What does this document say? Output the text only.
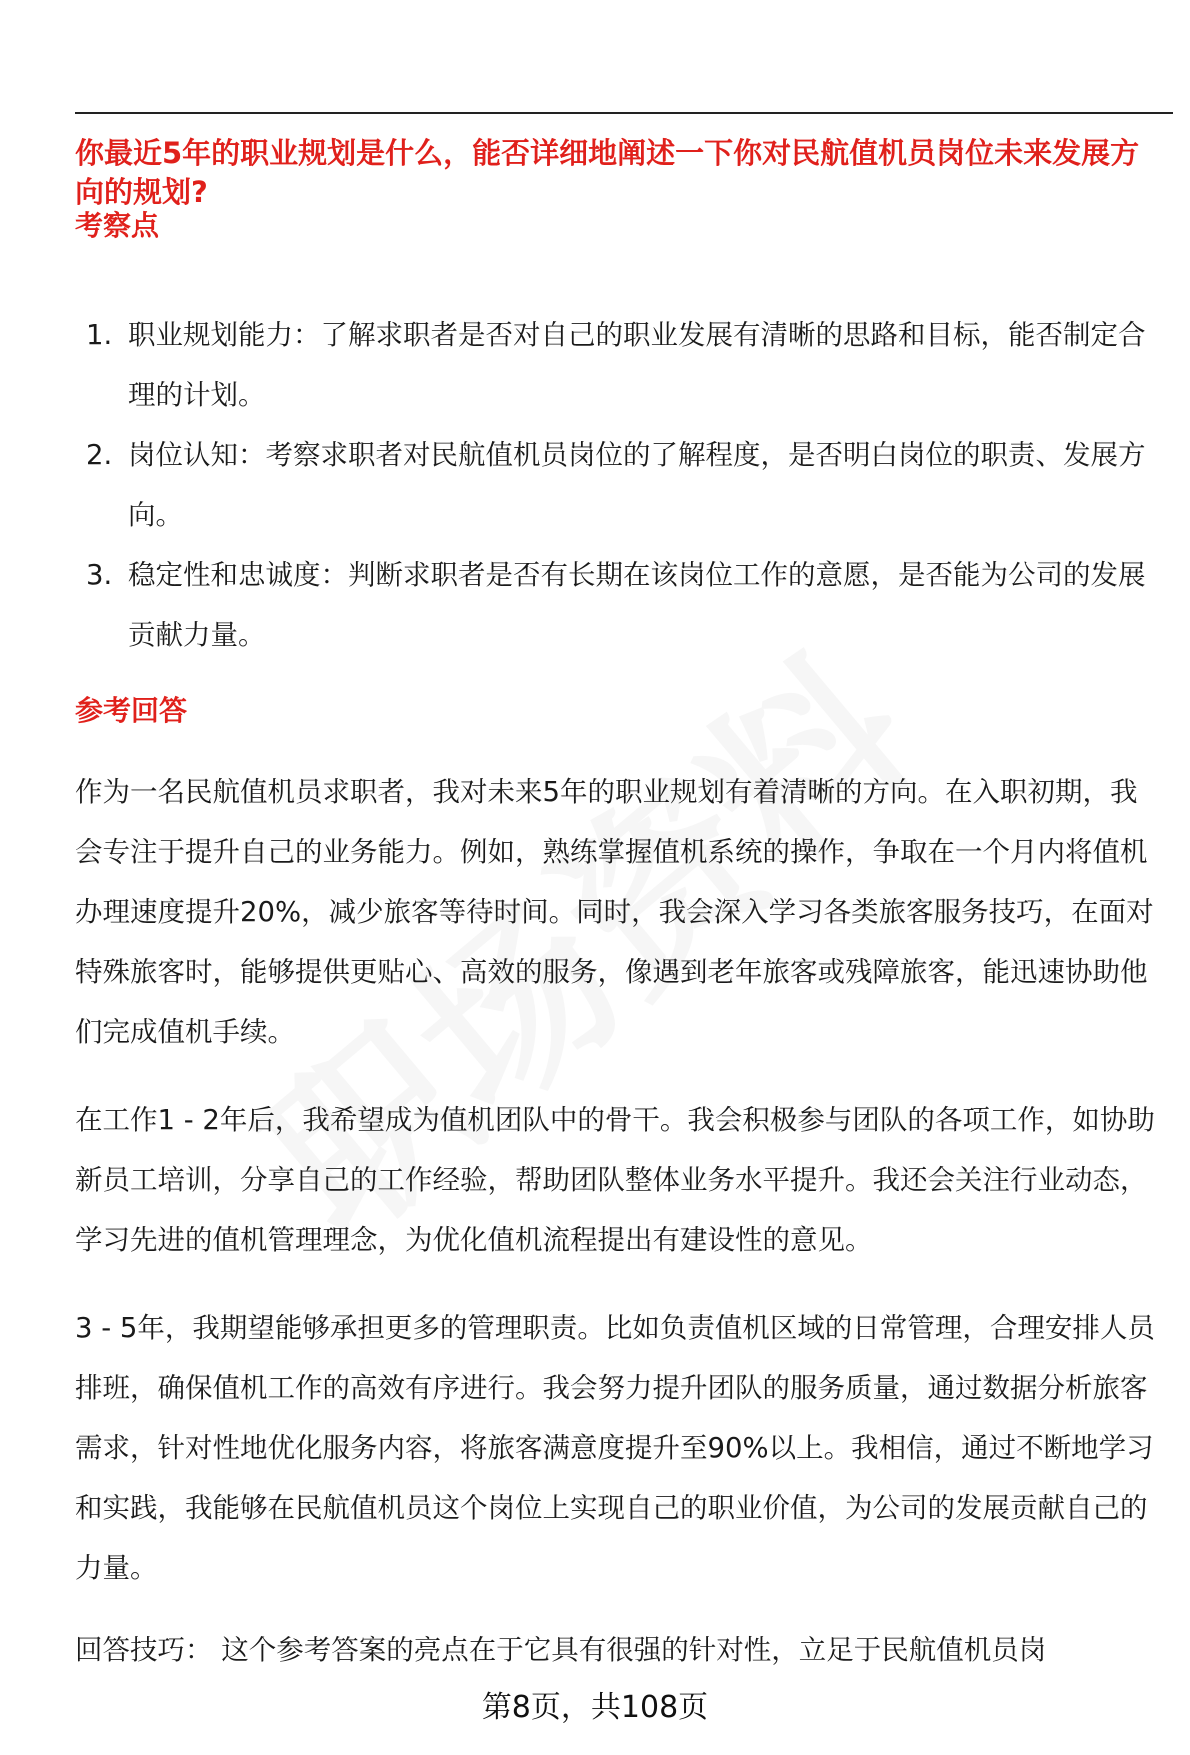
你最近5年的职业规划是什么，能否详细地阐述一下你对民航值机员岗位未来发展方向的规划?

考察点

1. 职业规划能力：了解求职者是否对自己的职业发展有清晰的思路和目标，能否制定合理的计划。
2. 岗位认知：考察求职者对民航值机员岗位的了解程度，是否明白岗位的职责、发展方向。
3. 稳定性和忠诚度：判断求职者是否有长期在该岗位工作的意愿，是否能为公司的发展贡献力量。

参考回答

作为一名民航值机员求职者，我对未来5年的职业规划有着清晰的方向。在入职初期，我会专注于提升自己的业务能力。例如，熟练掌握值机系统的操作，争取在一个月内将值机办理速度提升20%，减少旅客等待时间。同时，我会深入学习各类旅客服务技巧，在面对特殊旅客时，能够提供更贴心、高效的服务，像遇到老年旅客或残障旅客，能迅速协助他们完成值机手续。

在工作1 - 2年后，我希望成为值机团队中的骨干。我会积极参与团队的各项工作，如协助新员工培训，分享自己的工作经验，帮助团队整体业务水平提升。我还会关注行业动态，学习先进的值机管理理念，为优化值机流程提出有建设性的意见。

3 - 5年，我期望能够承担更多的管理职责。比如负责值机区域的日常管理，合理安排人员排班，确保值机工作的高效有序进行。我会努力提升团队的服务质量，通过数据分析旅客需求，针对性地优化服务内容，将旅客满意度提升至90%以上。我相信，通过不断地学习和实践，我能够在民航值机员这个岗位上实现自己的职业价值，为公司的发展贡献自己的力量。

回答技巧： 这个参考答案的亮点在于它具有很强的针对性，立足于民航值机员岗

第8页，共108页
